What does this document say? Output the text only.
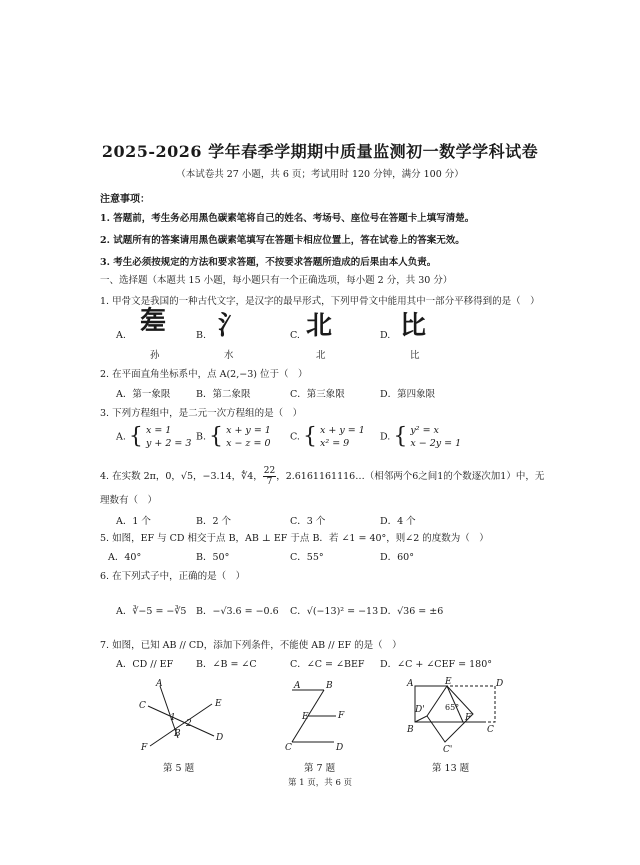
2025-2026 学年春季学期期中质量监测初一数学学科试卷
（本试卷共 27 小题，共 6 页；考试用时 120 分钟，满分 100 分）
注意事项：
1. 答题前，考生务必用黑色碳素笔将自己的姓名、考场号、座位号在答题卡上填写清楚。
2. 试题所有的答案请用黑色碳素笔填写在答题卡相应位置上，答在试卷上的答案无效。
3. 考生必须按规定的方法和要求答题，不按要求答题所造成的后果由本人负责。
一、选择题（本题共 15 小题，每小题只有一个正确选项，每小题 2 分，共 30 分）
1. 甲骨文是我国的一种古代文字，是汉字的最早形式，下列甲骨文中能用其中一部分平移得到的是（　）
A. 𢀡
孙
B. 氵
水
C. 北
北
D. 比
比
2. 在平面直角坐标系中，点 A(2,−3) 位于（　）
A．第一象限	B．第二象限	C．第三象限	D．第四象限
3. 下列方程组中，是二元一次方程组的是（　）
A. { x = 1
y + 2 = 3
B. { x + y = 1
x − z = 0
C. { x + y = 1
x² = 9
D. { y² = x
x − 2y = 1
4. 在实数 2π，0，√5，−3.14，∜4， $\frac{22}{7}$ ，2.6161161116…（相邻两个6之间1的个数逐次加1）中，无
理数有（　）
A．1 个	B．2 个	C．3 个	D．4 个
5. 如图，EF 与 CD 相交于点 B，AB ⊥ EF 于点 B．若 ∠1 = 40°，则∠2 的度数为（　）
A．40°	B．50°	C．55°	D．60°
6. 在下列式子中，正确的是（　）
A．∛−5 = −∛5 B．−√3.6 = −0.6 C．√(−13)² = −13 D．√36 = ±6
7. 如图，已知 AB // CD，添加下列条件，不能使 AB // EF 的是（　）
A．CD // EF B．∠B = ∠C	C．∠C = ∠BEF D．∠C + ∠CEF = 180°
A
C	E
1
2
B
F
D
第 5 题
A	B
E	F
C	D
第 7 题
A	E	D
D'	65°
F
B	C
C'
第 13 题
第 1 页，共 6 页
